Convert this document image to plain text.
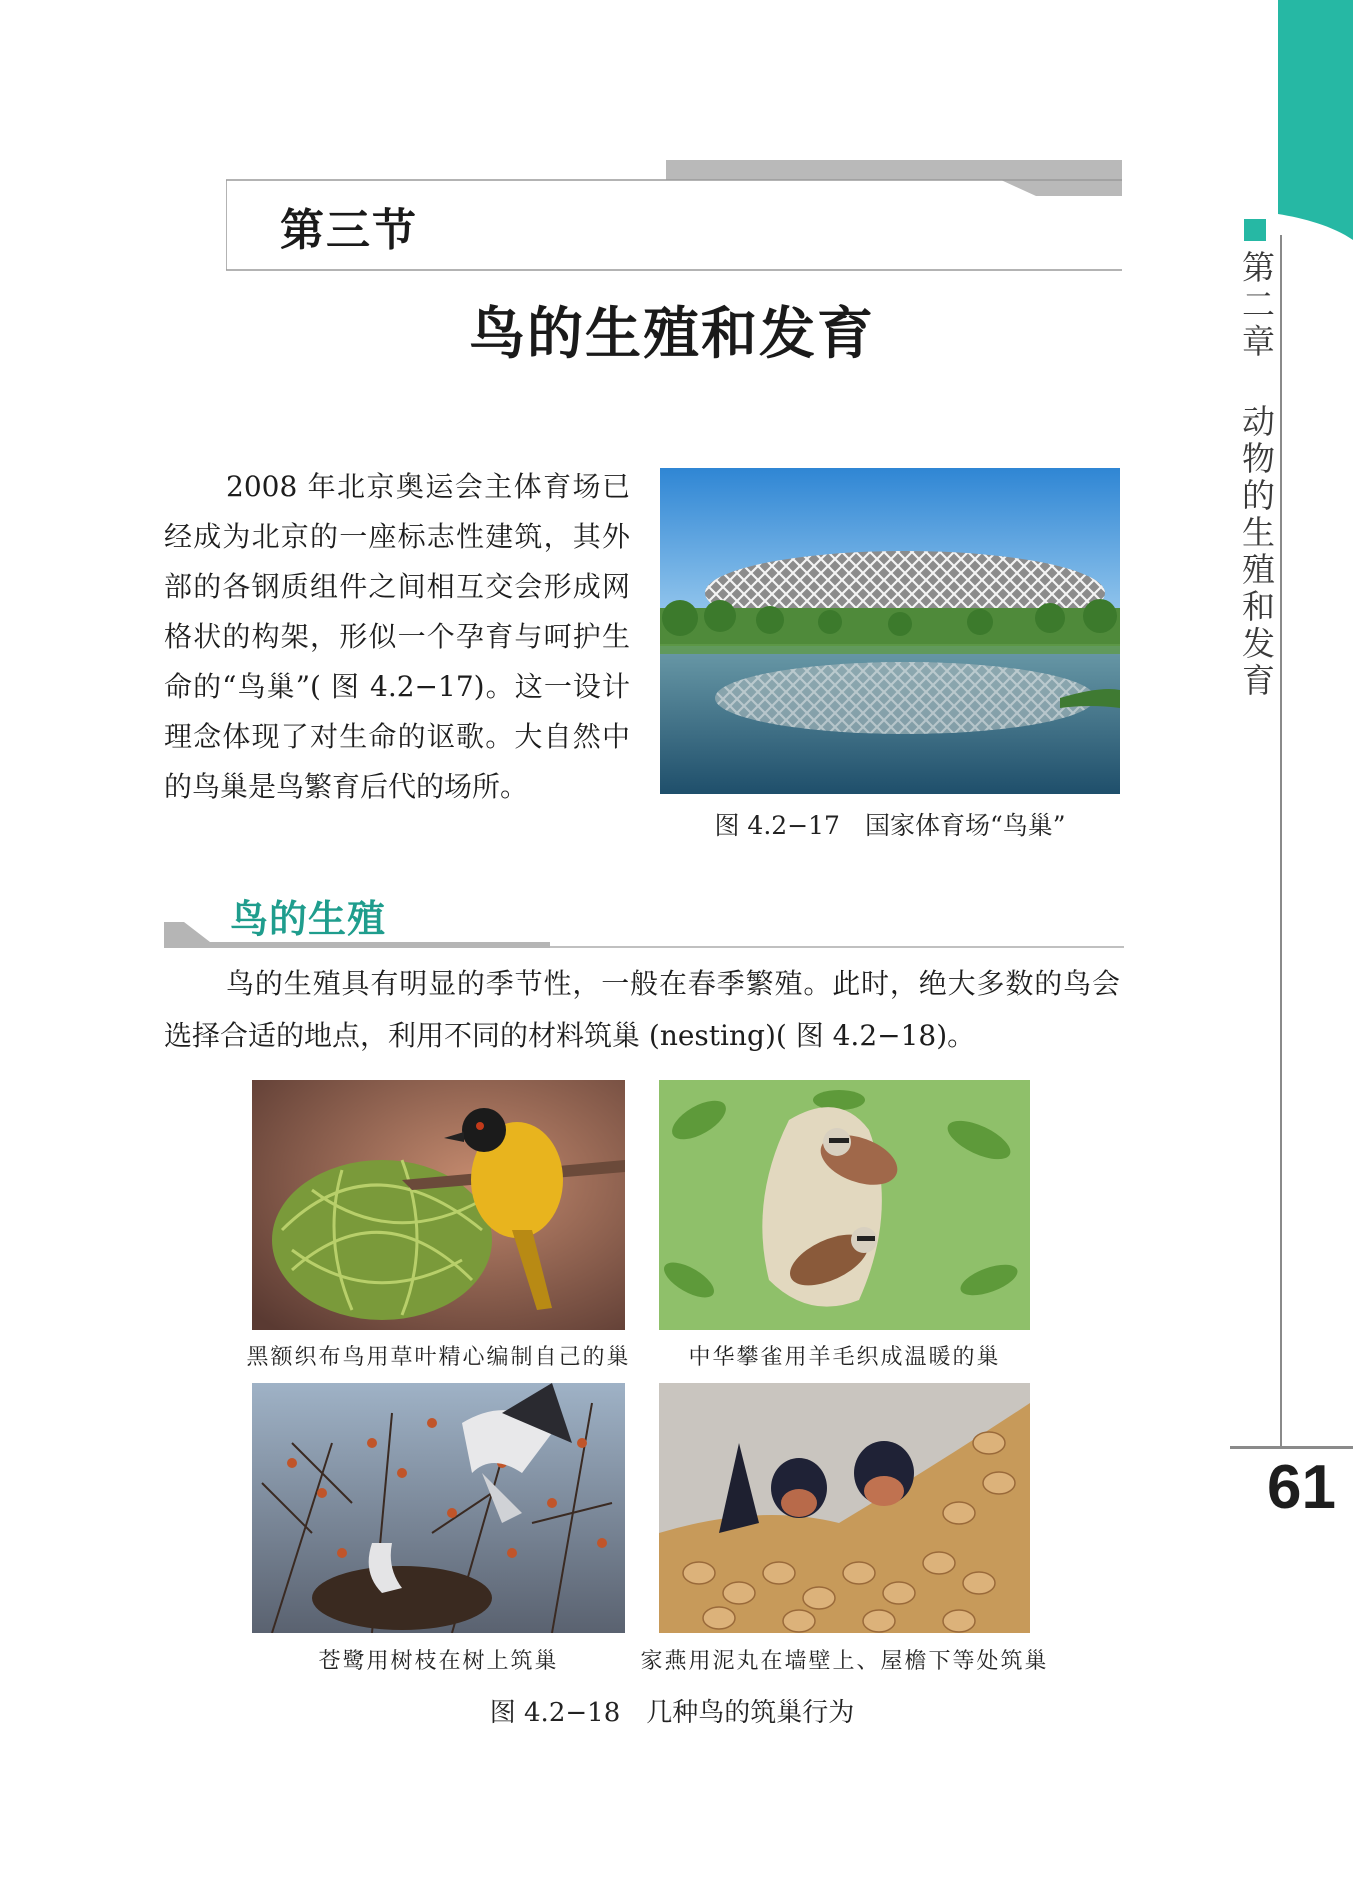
第二章 动物的生殖和发育
61
第三节
鸟的生殖和发育
2008 年北京奥运会主体育场已经成为北京的一座标志性建筑，其外部的各钢质组件之间相互交会形成网格状的构架，形似一个孕育与呵护生命的“鸟巢”( 图 4.2−17)。这一设计理念体现了对生命的讴歌。大自然中的鸟巢是鸟繁育后代的场所。
图 4.2−17　国家体育场“鸟巢”
鸟的生殖
鸟的生殖具有明显的季节性，一般在春季繁殖。此时，绝大多数的鸟会选择合适的地点，利用不同的材料筑巢 (nesting)( 图 4.2−18)。
黑额织布鸟用草叶精心编制自己的巢	中华攀雀用羊毛织成温暖的巢
苍鹭用树枝在树上筑巢	家燕用泥丸在墙壁上、屋檐下等处筑巢
图 4.2−18　几种鸟的筑巢行为
